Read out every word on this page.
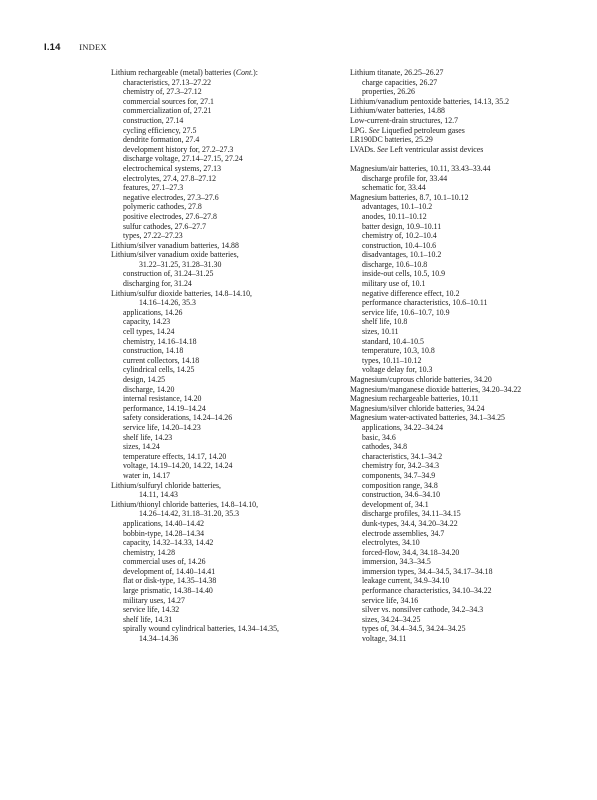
I.14 INDEX
Lithium rechargeable (metal) batteries (Cont.):
characteristics, 27.13–27.22
chemistry of, 27.3–27.12
commercial sources for, 27.1
commercialization of, 27.21
construction, 27.14
cycling efficiency, 27.5
dendrite formation, 27.4
development history for, 27.2–27.3
discharge voltage, 27.14–27.15, 27.24
electrochemical systems, 27.13
electrolytes, 27.4, 27.8–27.12
features, 27.1–27.3
negative electrodes, 27.3–27.6
polymeric cathodes, 27.8
positive electrodes, 27.6–27.8
sulfur cathodes, 27.6–27.7
types, 27.22–27.23
Lithium/silver vanadium batteries, 14.88
Lithium/silver vanadium oxide batteries,
31.22–31.25, 31.28–31.30
construction of, 31.24–31.25
discharging for, 31.24
Lithium/sulfur dioxide batteries, 14.8–14.10,
14.16–14.26, 35.3
applications, 14.26
capacity, 14.23
cell types, 14.24
chemistry, 14.16–14.18
construction, 14.18
current collectors, 14.18
cylindrical cells, 14.25
design, 14.25
discharge, 14.20
internal resistance, 14.20
performance, 14.19–14.24
safety considerations, 14.24–14.26
service life, 14.20–14.23
shelf life, 14.23
sizes, 14.24
temperature effects, 14.17, 14.20
voltage, 14.19–14.20, 14.22, 14.24
water in, 14.17
Lithium/sulfuryl chloride batteries,
14.11, 14.43
Lithium/thionyl chloride batteries, 14.8–14.10,
14.26–14.42, 31.18–31.20, 35.3
applications, 14.40–14.42
bobbin-type, 14.28–14.34
capacity, 14.32–14.33, 14.42
chemistry, 14.28
commercial uses of, 14.26
development of, 14.40–14.41
flat or disk-type, 14.35–14.38
large prismatic, 14.38–14.40
military uses, 14.27
service life, 14.32
shelf life, 14.31
spirally wound cylindrical batteries, 14.34–14.35,
14.34–14.36
Lithium titanate, 26.25–26.27
charge capacities, 26.27
properties, 26.26
Lithium/vanadium pentoxide batteries, 14.13, 35.2
Lithium/water batteries, 14.88
Low-current-drain structures, 12.7
LPG. See Liquefied petroleum gases
LR190DC batteries, 25.29
LVADs. See Left ventricular assist devices
Magnesium/air batteries, 10.11, 33.43–33.44
discharge profile for, 33.44
schematic for, 33.44
Magnesium batteries, 8.7, 10.1–10.12
advantages, 10.1–10.2
anodes, 10.11–10.12
batter design, 10.9–10.11
chemistry of, 10.2–10.4
construction, 10.4–10.6
disadvantages, 10.1–10.2
discharge, 10.6–10.8
inside-out cells, 10.5, 10.9
military use of, 10.1
negative difference effect, 10.2
performance characteristics, 10.6–10.11
service life, 10.6–10.7, 10.9
shelf life, 10.8
sizes, 10.11
standard, 10.4–10.5
temperature, 10.3, 10.8
types, 10.11–10.12
voltage delay for, 10.3
Magnesium/cuprous chloride batteries, 34.20
Magnesium/manganese dioxide batteries, 34.20–34.22
Magnesium rechargeable batteries, 10.11
Magnesium/silver chloride batteries, 34.24
Magnesium water-activated batteries, 34.1–34.25
applications, 34.22–34.24
basic, 34.6
cathodes, 34.8
characteristics, 34.1–34.2
chemistry for, 34.2–34.3
components, 34.7–34.9
composition range, 34.8
construction, 34.6–34.10
development of, 34.1
discharge profiles, 34.11–34.15
dunk-types, 34.4, 34.20–34.22
electrode assemblies, 34.7
electrolytes, 34.10
forced-flow, 34.4, 34.18–34.20
immersion, 34.3–34.5
immersion types, 34.4–34.5, 34.17–34.18
leakage current, 34.9–34.10
performance characteristics, 34.10–34.22
service life, 34.16
silver vs. nonsilver cathode, 34.2–34.3
sizes, 34.24–34.25
types of, 34.4–34.5, 34.24–34.25
voltage, 34.11
